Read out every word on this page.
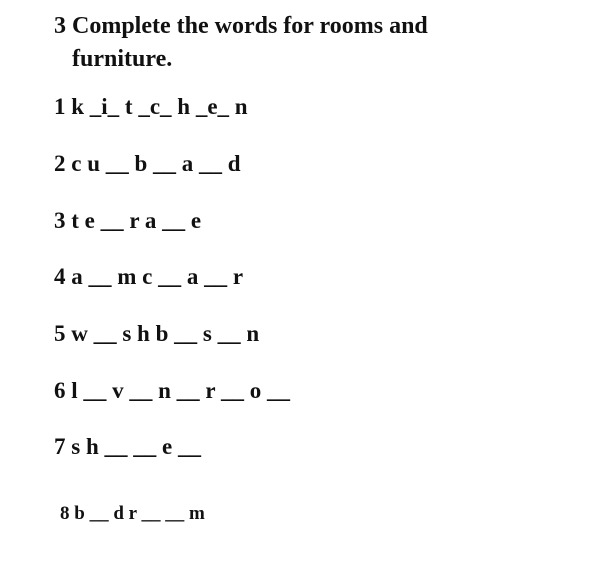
3 Complete the words for rooms and
furniture.
1 k _i_ t _c_ h _e_ n
2 c u __ b __ a __ d
3 t e __ r a __ e
4 a __ m c __ a __ r
5 w __ s h b __ s __ n
6 l __ v __ n __ r __ o __
7 s h __ __ e __
8 b __ d r __ __ m
